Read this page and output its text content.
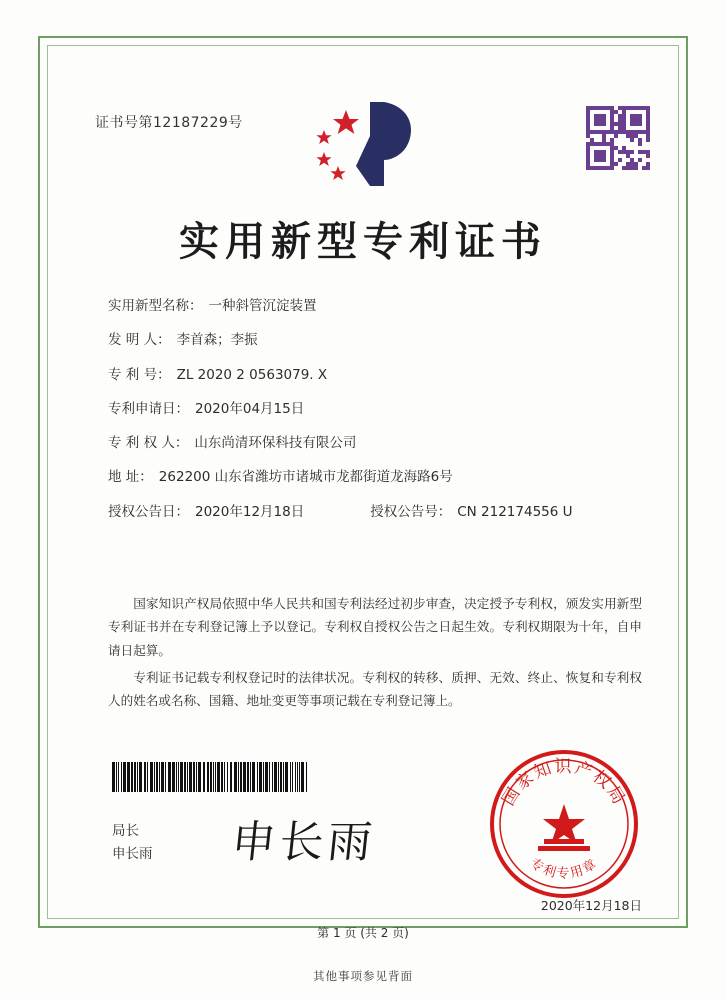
证书号第12187229号
实用新型专利证书
实用新型名称： 一种斜管沉淀装置
发 明 人： 李首森；李振
专 利 号： ZL 2020 2 0563079. X
专利申请日： 2020年04月15日
专 利 权 人： 山东尚清环保科技有限公司
地 址： 262200 山东省潍坊市诸城市龙都街道龙海路6号
授权公告日： 2020年12月18日	授权公告号： CN 212174556 U

国家知识产权局依照中华人民共和国专利法经过初步审查，决定授予专利权，颁发实用新型专利证书并在专利登记簿上予以登记。专利权自授权公告之日起生效。专利权期限为十年，自申请日起算。

专利证书记载专利权登记时的法律状况。专利权的转移、质押、无效、终止、恢复和专利权人的姓名或名称、国籍、地址变更等事项记载在专利登记簿上。

局长
申长雨 申长雨
国家知识产权局
专利专用章
2020年12月18日
第 1 页 (共 2 页)
其他事项参见背面
